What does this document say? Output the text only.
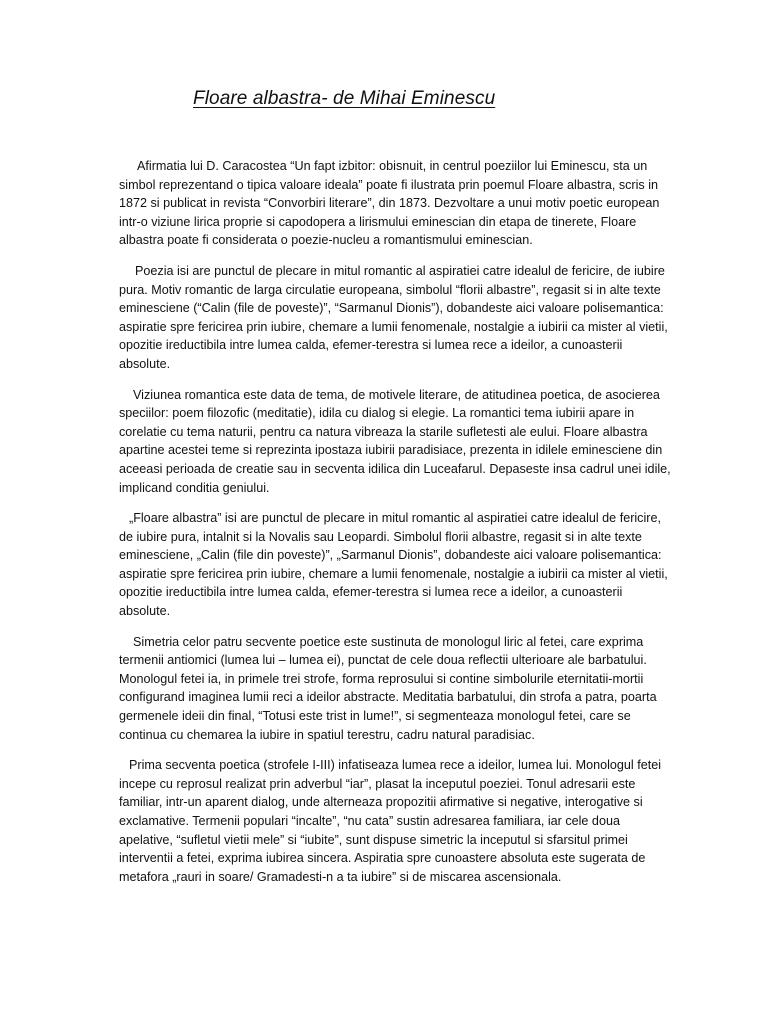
Floare albastra- de Mihai Eminescu

Afirmatia lui D. Caracostea “Un fapt izbitor: obisnuit, in centrul poeziilor lui Eminescu, sta un simbol reprezentand o tipica valoare ideala” poate fi ilustrata prin poemul Floare albastra, scris in 1872 si publicat in revista “Convorbiri literare”, din 1873. Dezvoltare a unui motiv poetic european intr-o viziune lirica proprie si capodopera a lirismului eminescian din etapa de tinerete, Floare albastra poate fi considerata o poezie-nucleu a romantismului eminescian.

Poezia isi are punctul de plecare in mitul romantic al aspiratiei catre idealul de fericire, de iubire pura. Motiv romantic de larga circulatie europeana, simbolul “florii albastre”, regasit si in alte texte eminesciene (“Calin (file de poveste)”, “Sarmanul Dionis”), dobandeste aici valoare polisemantica: aspiratie spre fericirea prin iubire, chemare a lumii fenomenale, nostalgie a iubirii ca mister al vietii, opozitie ireductibila intre lumea calda, efemer-terestra si lumea rece a ideilor, a cunoasterii absolute.

Viziunea romantica este data de tema, de motivele literare, de atitudinea poetica, de asocierea speciilor: poem filozofic (meditatie), idila cu dialog si elegie. La romantici tema iubirii apare in corelatie cu tema naturii, pentru ca natura vibreaza la starile sufletesti ale eului. Floare albastra apartine acestei teme si reprezinta ipostaza iubirii paradisiace, prezenta in idilele eminesciene din aceeasi perioada de creatie sau in secventa idilica din Luceafarul. Depaseste insa cadrul unei idile, implicand conditia geniului.

„Floare albastra” isi are punctul de plecare in mitul romantic al aspiratiei catre idealul de fericire, de iubire pura, intalnit si la Novalis sau Leopardi. Simbolul florii albastre, regasit si in alte texte eminesciene, „Calin (file din poveste)”, „Sarmanul Dionis”, dobandeste aici valoare polisemantica: aspiratie spre fericirea prin iubire, chemare a lumii fenomenale, nostalgie a iubirii ca mister al vietii, opozitie ireductibila intre lumea calda, efemer-terestra si lumea rece a ideilor, a cunoasterii absolute.

Simetria celor patru secvente poetice este sustinuta de monologul liric al fetei, care exprima termenii antiomici (lumea lui – lumea ei), punctat de cele doua reflectii ulterioare ale barbatului. Monologul fetei ia, in primele trei strofe, forma reprosului si contine simbolurile eternitatii-mortii configurand imaginea lumii reci a ideilor abstracte. Meditatia barbatului, din strofa a patra, poarta germenele ideii din final, “Totusi este trist in lume!”, si segmenteaza monologul fetei, care se continua cu chemarea la iubire in spatiul terestru, cadru natural paradisiac.

Prima secventa poetica (strofele I-III) infatiseaza lumea rece a ideilor, lumea lui. Monologul fetei incepe cu reprosul realizat prin adverbul “iar”, plasat la inceputul poeziei. Tonul adresarii este familiar, intr-un aparent dialog, unde alterneaza propozitii afirmative si negative, interogative si exclamative. Termenii populari “incalte”, “nu cata” sustin adresarea familiara, iar cele doua apelative, “sufletul vietii mele” si “iubite”, sunt dispuse simetric la inceputul si sfarsitul primei interventii a fetei, exprima iubirea sincera. Aspiratia spre cunoastere absoluta este sugerata de metafora „rauri in soare/ Gramadesti-n a ta iubire” si de miscarea ascensionala.
